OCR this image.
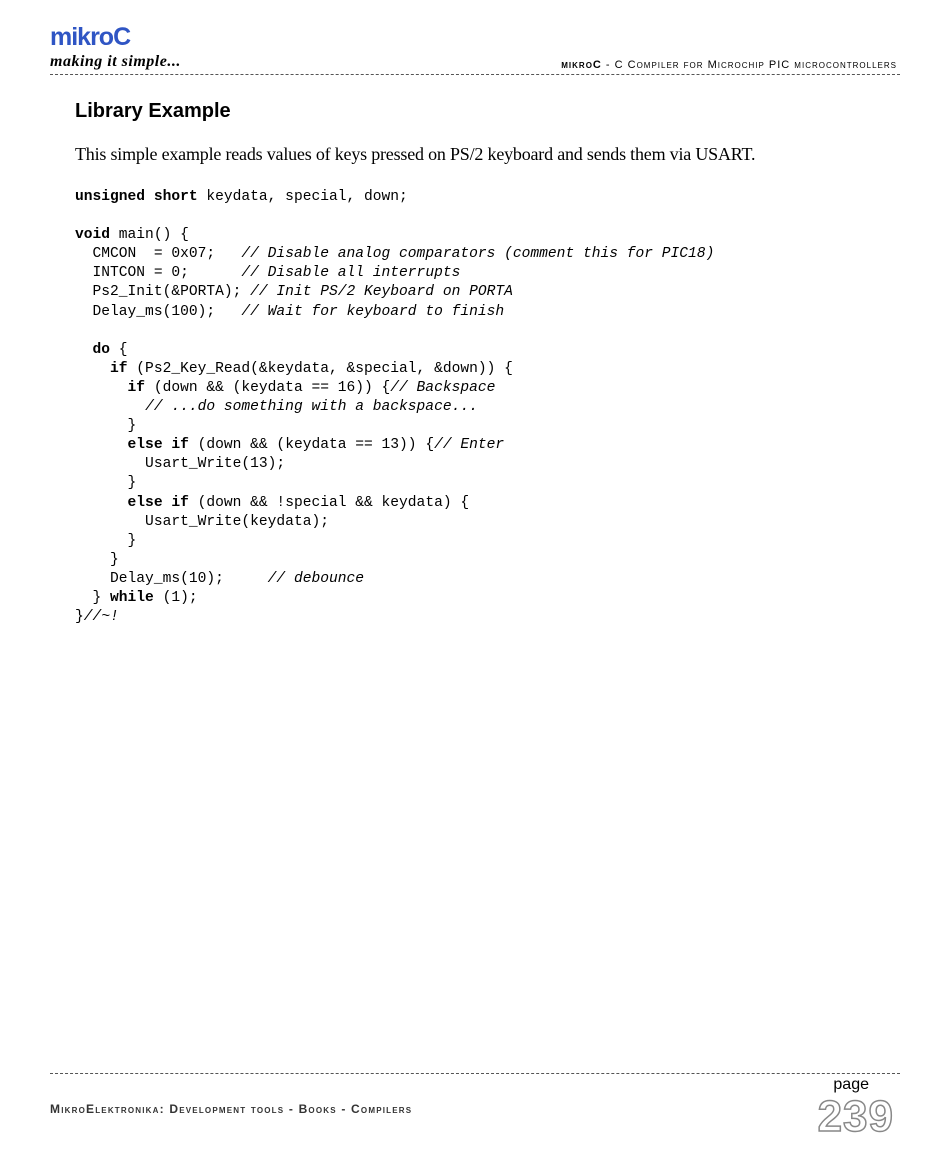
mikroC
making it simple...	mikroC - C Compiler for Microchip PIC microcontrollers
Library Example
This simple example reads values of keys pressed on PS/2 keyboard and sends them via USART.
unsigned short keydata, special, down;
void main() {
CMCON  = 0x07;   // Disable analog comparators (comment this for PIC18)
INTCON = 0;      // Disable all interrupts
Ps2_Init(&PORTA); // Init PS/2 Keyboard on PORTA
Delay_ms(100);   // Wait for keyboard to finish
do {
if (Ps2_Key_Read(&keydata, &special, &down)) {
if (down && (keydata == 16)) {// Backspace
// ...do something with a backspace...
}
else if (down && (keydata == 13)) {// Enter
Usart_Write(13);
}
else if (down && !special && keydata) {
Usart_Write(keydata);
}
}
Delay_ms(10);     // debounce
} while (1);
}//~!
page
239
MikroElektronika: Development tools - Books - Compilers
